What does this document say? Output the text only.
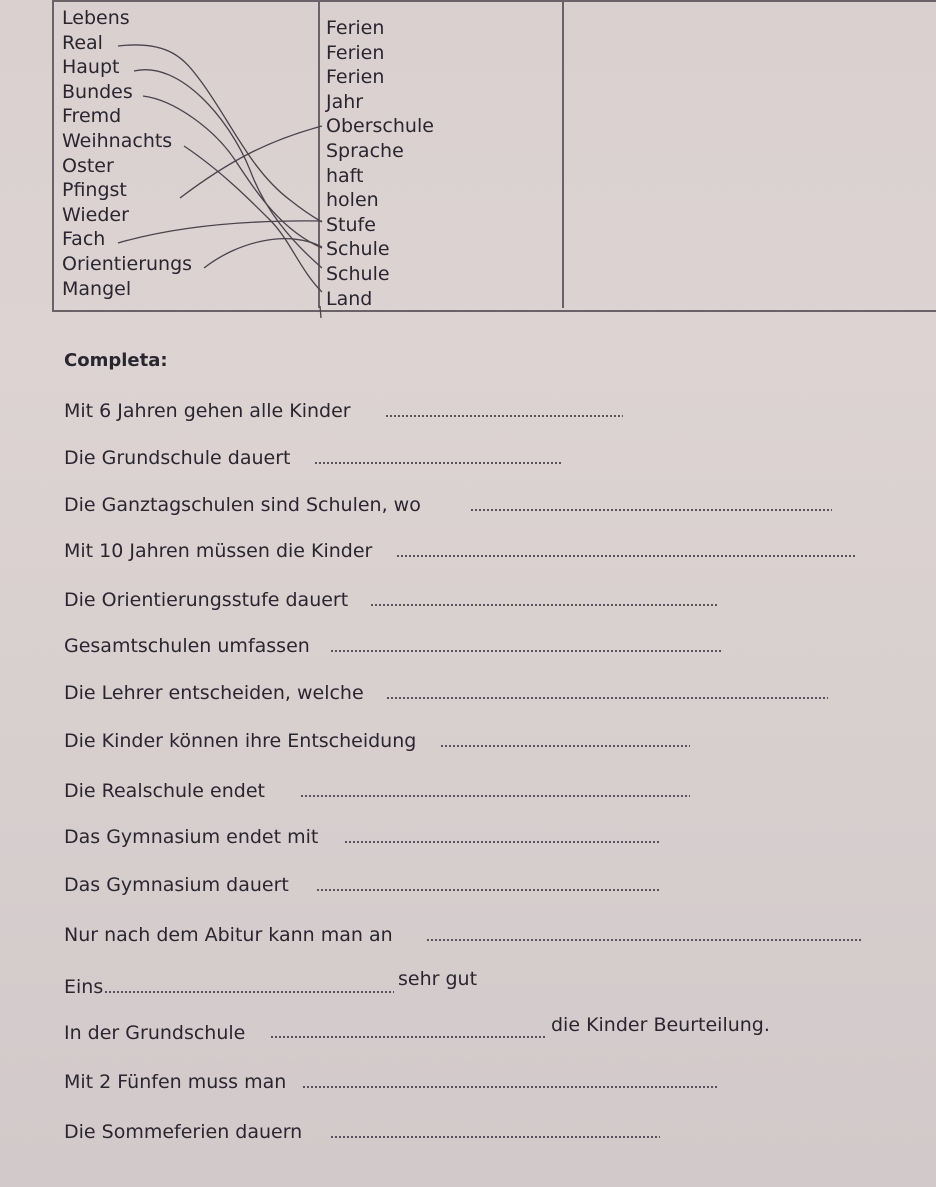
Lebens
Real
Haupt
Bundes
Fremd
Weihnachts
Oster
Pfingst
Wieder
Fach
Orientierungs
Mangel
Ferien
Ferien
Ferien
Jahr
Oberschule
Sprache
haft
holen
Stufe
Schule
Schule
Land
Completa:
Mit 6 Jahren gehen alle Kinder
Die Grundschule dauert
Die Ganztagschulen sind Schulen, wo
Mit 10 Jahren müssen die Kinder
Die Orientierungsstufe dauert
Gesamtschulen umfassen
Die Lehrer entscheiden, welche
Die Kinder können ihre Entscheidung
Die Realschule endet
Das Gymnasium endet mit
Das Gymnasium dauert
Nur nach dem Abitur kann man an
Eins	sehr gut
In der Grundschule	die Kinder Beurteilung.
Mit 2 Fünfen muss man
Die Sommeferien dauern
